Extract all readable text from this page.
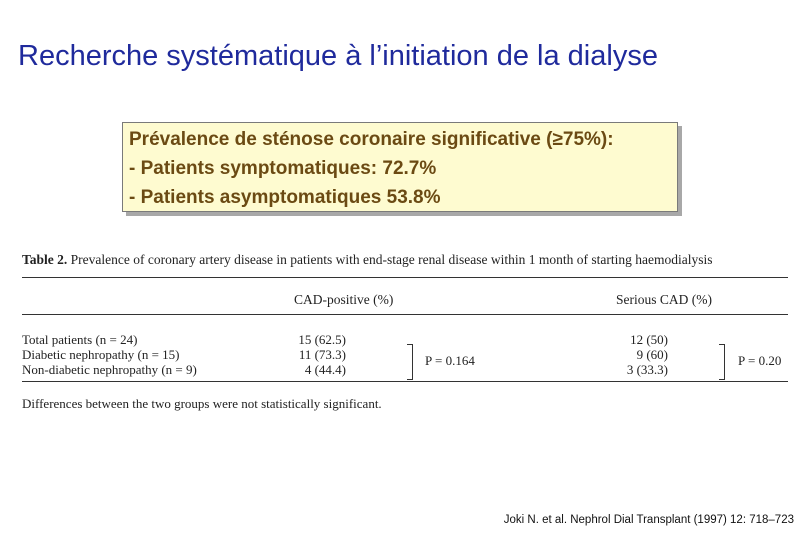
Recherche systématique à l’initiation de la dialyse
Prévalence de sténose coronaire significative (≥75%):
- Patients symptomatiques: 72.7%
- Patients asymptomatiques 53.8%
Table 2. Prevalence of coronary artery disease in patients with end-stage renal disease within 1 month of starting haemodialysis
CAD-positive (%)	Serious CAD (%)
Total patients (n = 24)
Diabetic nephropathy (n = 15)
Non-diabetic nephropathy (n = 9)
15 (62.5)
11 (73.3)
4 (44.4)
P = 0.164
12 (50)
9 (60)
3 (33.3)
P = 0.20
Differences between the two groups were not statistically significant.
Joki N. et al. Nephrol Dial Transplant (1997) 12: 718–723
